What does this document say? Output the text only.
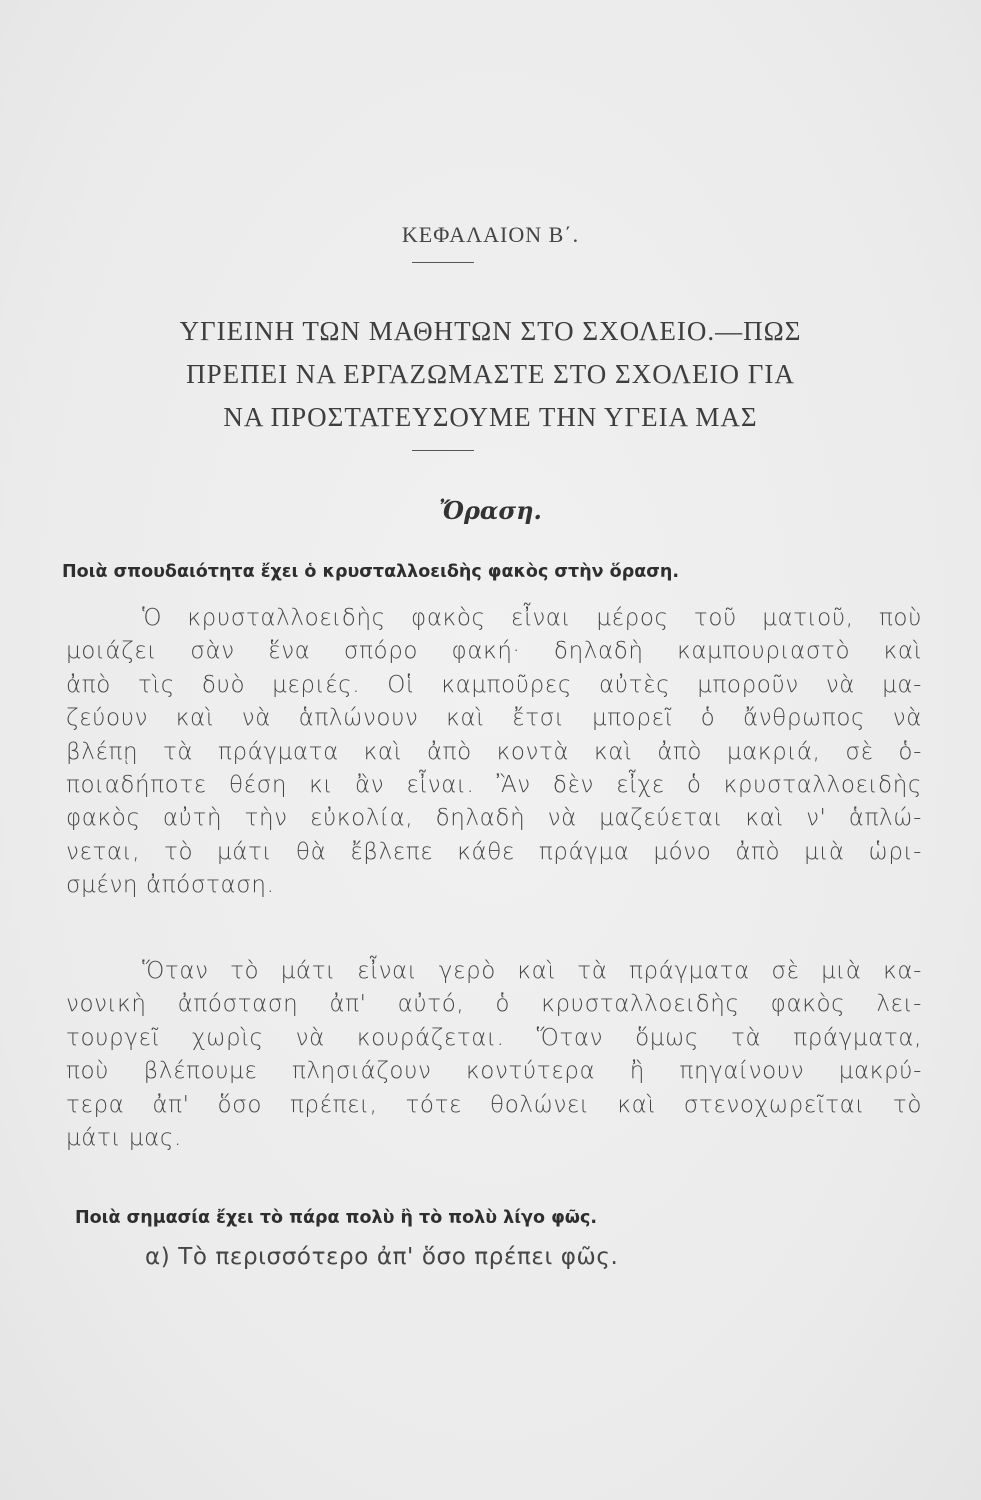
ΚΕΦΑΛΑΙΟΝ Β΄.
ΥΓΙΕΙΝΗ ΤΩΝ ΜΑΘΗΤΩΝ ΣΤΟ ΣΧΟΛΕΙΟ.—ΠΩΣ
ΠΡΕΠΕΙ ΝΑ ΕΡΓΑΖΩΜΑΣΤΕ ΣΤΟ ΣΧΟΛΕΙΟ ΓΙΑ
ΝΑ ΠΡΟΣΤΑΤΕΥΣΟΥΜΕ ΤΗΝ ΥΓΕΙΑ ΜΑΣ
Ὄραση.
Ποιὰ σπουδαιότητα ἔχει ὁ κρυσταλλοειδὴς φακὸς στὴν ὅραση.
Ὁ κρυσταλλοειδὴς φακὸς εἶναι μέρος τοῦ ματιοῦ, ποὺ
μοιάζει σὰν ἕνα σπόρο φακή· δηλαδὴ καμπουριαστὸ καὶ
ἀπὸ τὶς δυὸ μεριές. Οἱ καμποῦρες αὐτὲς μποροῦν νὰ μα-
ζεύουν καὶ νὰ ἁπλώνουν καὶ ἔτσι μπορεῖ ὁ ἄνθρωπος νὰ
βλέπῃ τὰ πράγματα καὶ ἀπὸ κοντὰ καὶ ἀπὸ μακριά, σὲ ὁ-
ποιαδήποτε θέση κι ἂν εἶναι. Ἂν δὲν εἶχε ὁ κρυσταλλοειδὴς
φακὸς αὐτὴ τὴν εὐκολία, δηλαδὴ νὰ μαζεύεται καὶ ν' ἁπλώ-
νεται, τὸ μάτι θὰ ἔβλεπε κάθε πράγμα μόνο ἀπὸ μιὰ ὡρι-
σμένη ἀπόσταση.
Ὅταν τὸ μάτι εἶναι γερὸ καὶ τὰ πράγματα σὲ μιὰ κα-
νονικὴ ἀπόσταση ἀπ' αὐτό, ὁ κρυσταλλοειδὴς φακὸς λει-
τουργεῖ χωρὶς νὰ κουράζεται. Ὅταν ὅμως τὰ πράγματα,
ποὺ βλέπουμε πλησιάζουν κοντύτερα ἢ πηγαίνουν μακρύ-
τερα ἀπ' ὅσο πρέπει, τότε θολώνει καὶ στενοχωρεῖται τὸ
μάτι μας.
Ποιὰ σημασία ἔχει τὸ πάρα πολὺ ἢ τὸ πολὺ λίγο φῶς.
α) Τὸ περισσότερο ἀπ' ὅσο πρέπει φῶς.
